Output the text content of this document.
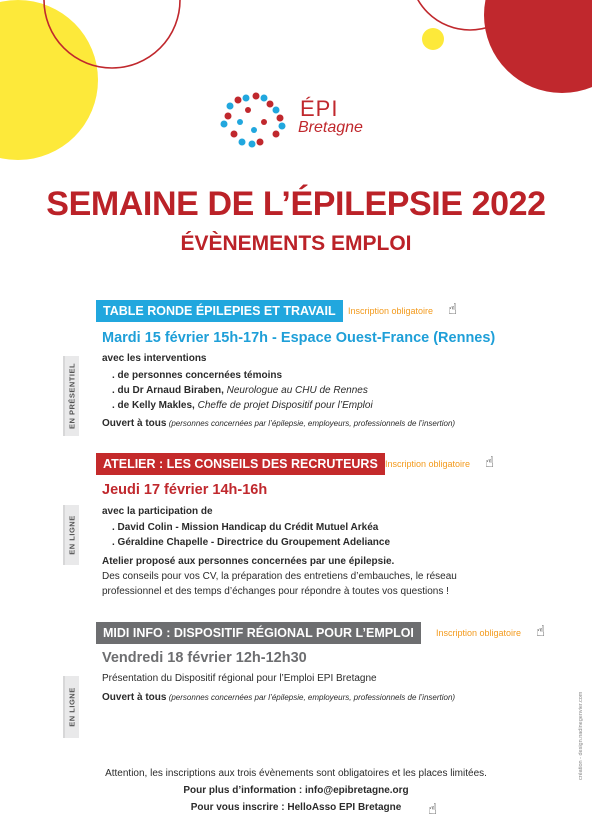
ÉPI
Bretagne
SEMAINE DE L’ÉPILEPSIE 2022
ÉVÈNEMENTS EMPLOI
TABLE RONDE ÉPILEPIES ET TRAVAIL	Inscription obligatoire ☝︎
Mardi 15 février 15h-17h - Espace Ouest-France (Rennes)
avec les interventions
. de personnes concernées témoins
. du Dr Arnaud Biraben, Neurologue au CHU de Rennes
. de Kelly Makles, Cheffe de projet Dispositif pour l’Emploi
Ouvert à tous (personnes concernées par l’épilepsie, employeurs, professionnels de l’insertion)
EN PRÉSENTIEL
ATELIER : LES CONSEILS DES RECRUTEURS Inscription obligatoire ☝︎
Jeudi 17 février 14h-16h
avec la participation de
. David Colin - Mission Handicap du Crédit Mutuel Arkéa
. Géraldine Chapelle - Directrice du Groupement Adeliance
Atelier proposé aux personnes concernées par une épilepsie.
Des conseils pour vos CV, la préparation des entretiens d’embauches, le réseau
professionnel et des temps d’échanges pour répondre à toutes vos questions !
EN LIGNE
MIDI INFO : DISPOSITIF RÉGIONAL POUR L’EMPLOI	Inscription obligatoire ☝︎
Vendredi 18 février 12h-12h30
Présentation du Dispositif régional pour l’Emploi EPI Bretagne
Ouvert à tous (personnes concernées par l’épilepsie, employeurs, professionnels de l’insertion)
EN LIGNE
Attention, les inscriptions aux trois évènements sont obligatoires et les places limitées.
Pour plus d’information : info@epibretagne.org
Pour vous inscrire : HelloAsso EPI Bretagne	☝︎
création - design.nadinegenvier.com
